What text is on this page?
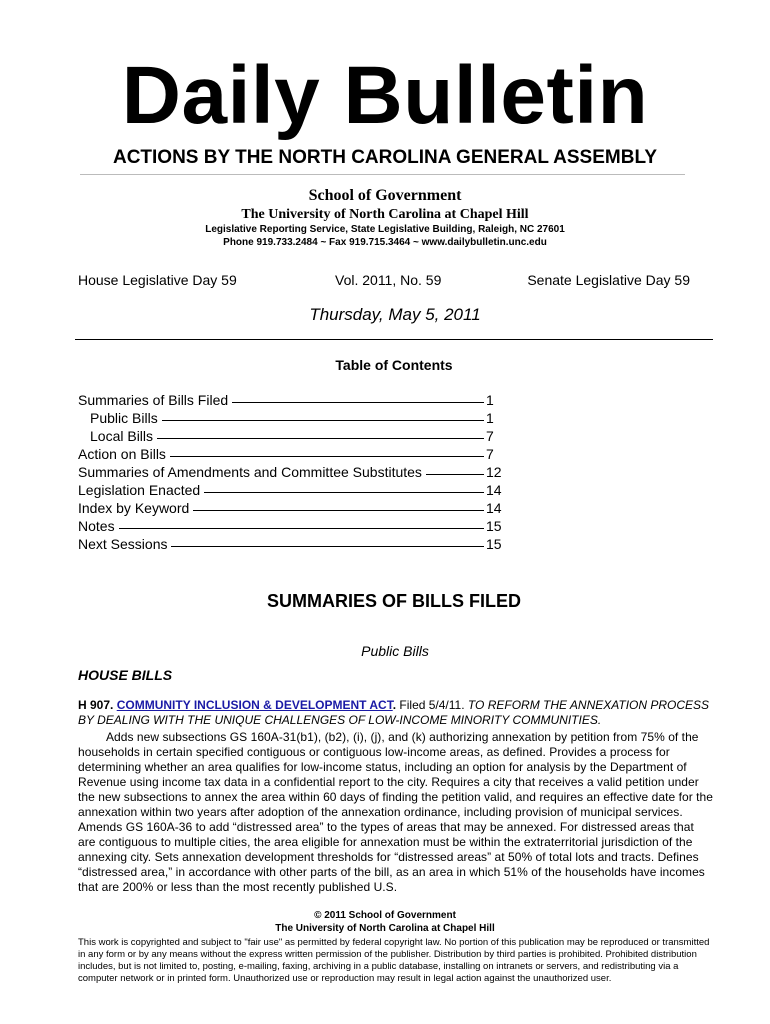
Daily Bulletin
ACTIONS BY THE NORTH CAROLINA GENERAL ASSEMBLY
School of Government
The University of North Carolina at Chapel Hill
Legislative Reporting Service, State Legislative Building, Raleigh, NC 27601
Phone 919.733.2484 ~ Fax 919.715.3464 ~ www.dailybulletin.unc.edu
House Legislative Day 59	Vol. 2011, No. 59	Senate Legislative Day 59
Thursday, May 5, 2011
Table of Contents
Summaries of Bills Filed	1
Public Bills	1
Local Bills	7
Action on Bills	7
Summaries of Amendments and Committee Substitutes	12
Legislation Enacted	14
Index by Keyword	14
Notes	15
Next Sessions	15
SUMMARIES OF BILLS FILED
Public Bills
HOUSE BILLS
H 907. COMMUNITY INCLUSION & DEVELOPMENT ACT. Filed 5/4/11. TO REFORM THE ANNEXATION PROCESS BY DEALING WITH THE UNIQUE CHALLENGES OF LOW-INCOME MINORITY COMMUNITIES.
Adds new subsections GS 160A-31(b1), (b2), (i), (j), and (k) authorizing annexation by petition from 75% of the households in certain specified contiguous or contiguous low-income areas, as defined. Provides a process for determining whether an area qualifies for low-income status, including an option for analysis by the Department of Revenue using income tax data in a confidential report to the city. Requires a city that receives a valid petition under the new subsections to annex the area within 60 days of finding the petition valid, and requires an effective date for the annexation within two years after adoption of the annexation ordinance, including provision of municipal services. Amends GS 160A-36 to add “distressed area” to the types of areas that may be annexed. For distressed areas that are contiguous to multiple cities, the area eligible for annexation must be within the extraterritorial jurisdiction of the annexing city. Sets annexation development thresholds for “distressed areas” at 50% of total lots and tracts. Defines “distressed area,” in accordance with other parts of the bill, as an area in which 51% of the households have incomes that are 200% or less than the most recently published U.S.
© 2011 School of Government
The University of North Carolina at Chapel Hill
This work is copyrighted and subject to "fair use" as permitted by federal copyright law. No portion of this publication may be reproduced or transmitted in any form or by any means without the express written permission of the publisher. Distribution by third parties is prohibited. Prohibited distribution includes, but is not limited to, posting, e-mailing, faxing, archiving in a public database, installing on intranets or servers, and redistributing via a computer network or in printed form. Unauthorized use or reproduction may result in legal action against the unauthorized user.
